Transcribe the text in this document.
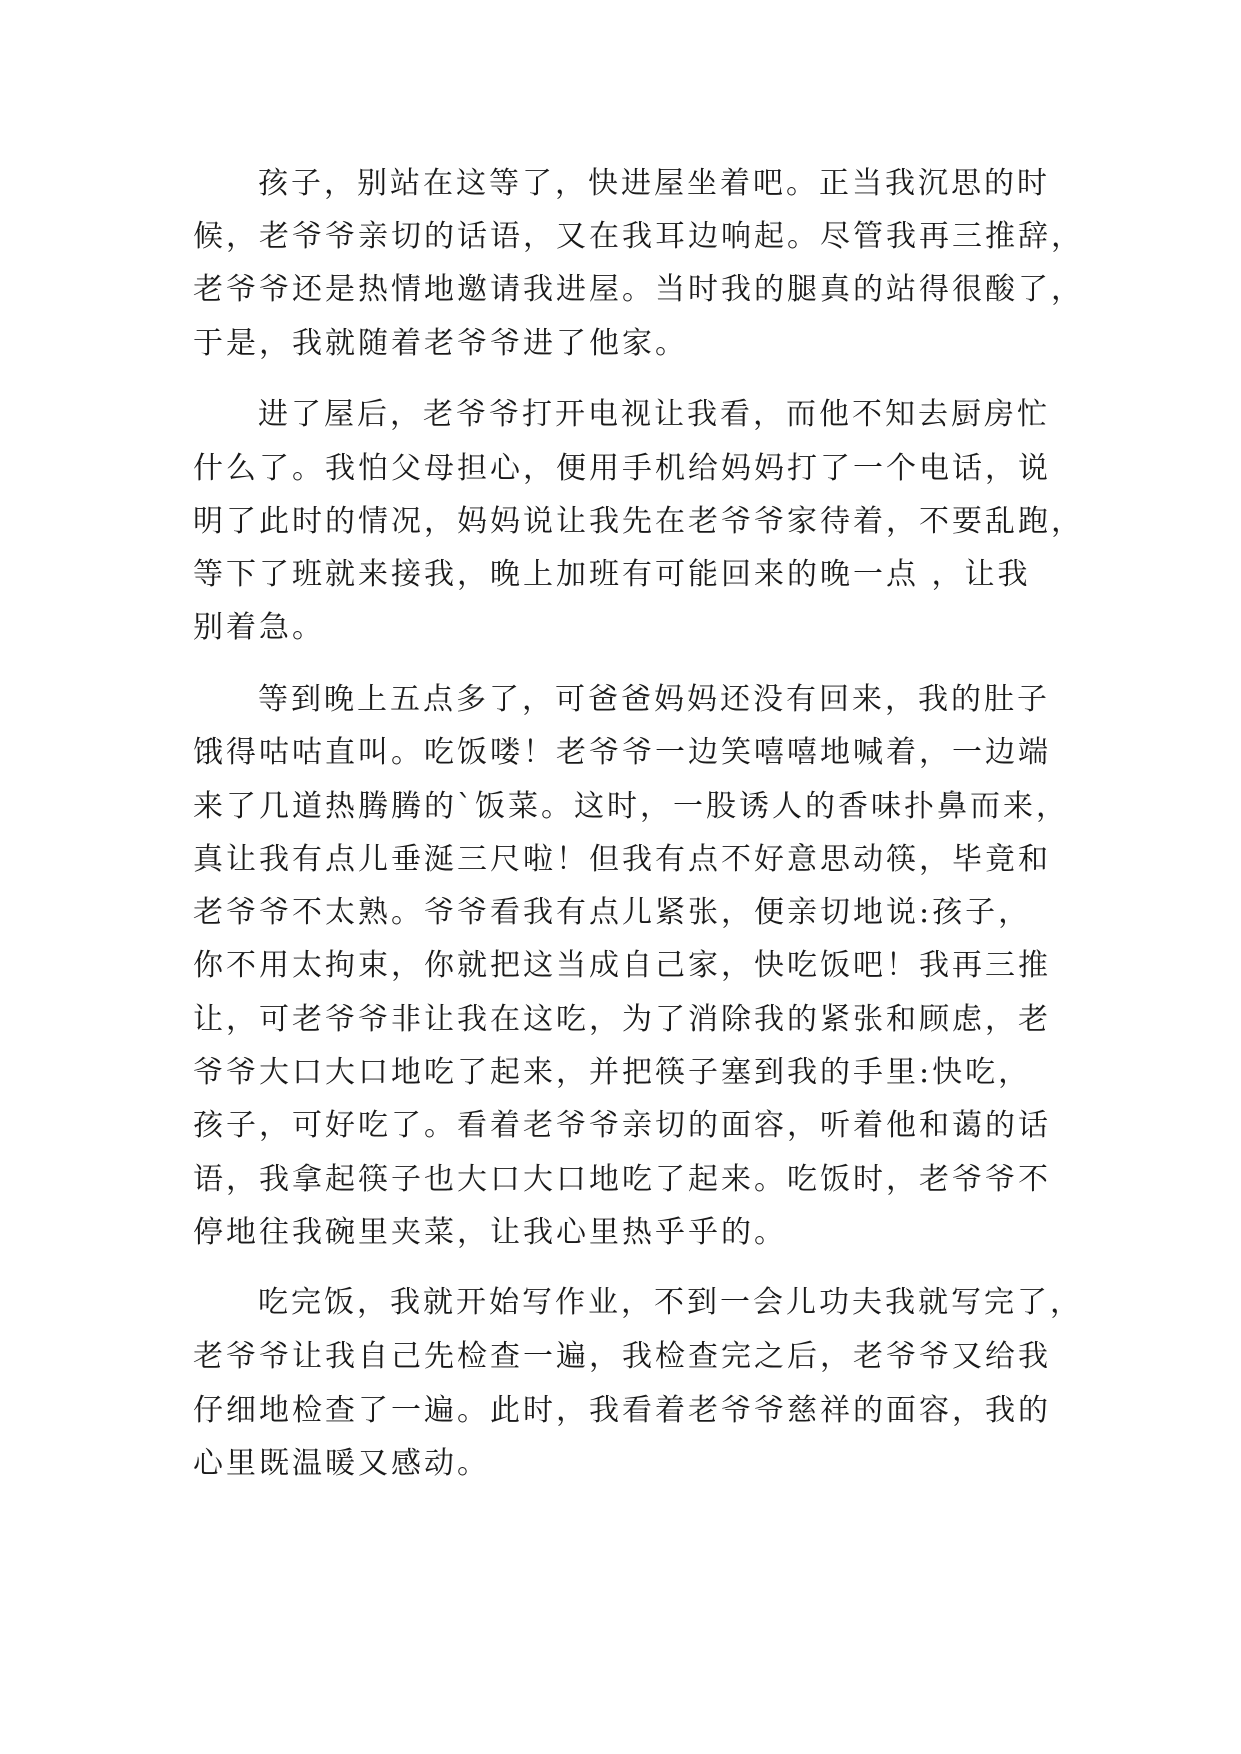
孩子，别站在这等了，快进屋坐着吧。正当我沉思的时
候，老爷爷亲切的话语，又在我耳边响起。尽管我再三推辞，
老爷爷还是热情地邀请我进屋。当时我的腿真的站得很酸了，
于是，我就随着老爷爷进了他家。
进了屋后，老爷爷打开电视让我看，而他不知去厨房忙
什么了。我怕父母担心，便用手机给妈妈打了一个电话，说
明了此时的情况，妈妈说让我先在老爷爷家待着，不要乱跑，
等下了班就来接我，晚上加班有可能回来的晚一点 ，让我
别着急。
等到晚上五点多了，可爸爸妈妈还没有回来，我的肚子
饿得咕咕直叫。吃饭喽！老爷爷一边笑嘻嘻地喊着，一边端
来了几道热腾腾的`饭菜。这时，一股诱人的香味扑鼻而来，
真让我有点儿垂涎三尺啦！但我有点不好意思动筷，毕竟和
老爷爷不太熟。爷爷看我有点儿紧张，便亲切地说:孩子，
你不用太拘束，你就把这当成自己家，快吃饭吧！我再三推
让，可老爷爷非让我在这吃，为了消除我的紧张和顾虑，老
爷爷大口大口地吃了起来，并把筷子塞到我的手里:快吃，
孩子，可好吃了。看着老爷爷亲切的面容，听着他和蔼的话
语，我拿起筷子也大口大口地吃了起来。吃饭时，老爷爷不
停地往我碗里夹菜，让我心里热乎乎的。
吃完饭，我就开始写作业，不到一会儿功夫我就写完了，
老爷爷让我自己先检查一遍，我检查完之后，老爷爷又给我
仔细地检查了一遍。此时，我看着老爷爷慈祥的面容，我的
心里既温暖又感动。
